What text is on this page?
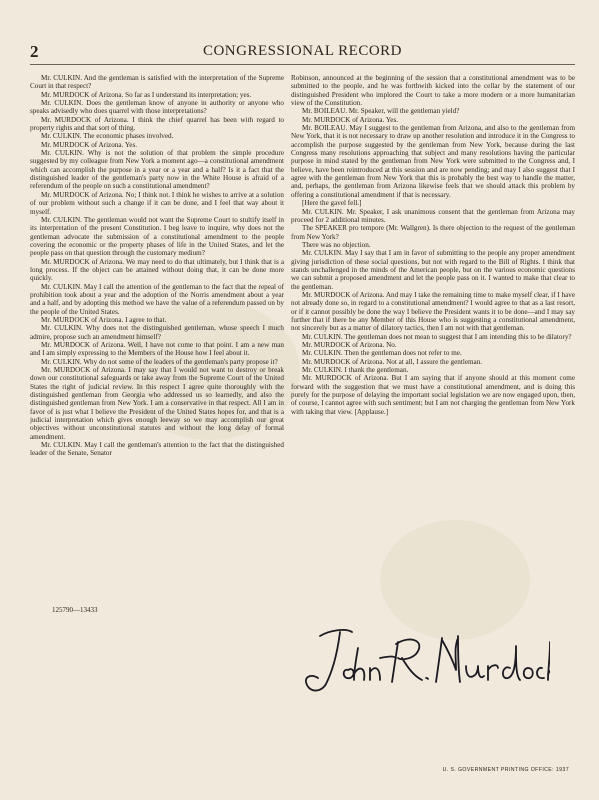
2	CONGRESSIONAL RECORD

Mr. CULKIN. And the gentleman is satisfied with the interpretation of the Supreme Court in that respect?

Mr. MURDOCK of Arizona. So far as I understand its interpretation; yes.

Mr. CULKIN. Does the gentleman know of anyone in authority or anyone who speaks advisedly who does quarrel with those interpretations?

Mr. MURDOCK of Arizona. I think the chief quarrel has been with regard to property rights and that sort of thing.

Mr. CULKIN. The economic phases involved.

Mr. MURDOCK of Arizona. Yes.

Mr. CULKIN. Why is not the solution of that problem the simple procedure suggested by my colleague from New York a moment ago—a constitutional amendment which can accomplish the purpose in a year or a year and a half? Is it a fact that the distinguished leader of the gentleman's party now in the White House is afraid of a referendum of the people on such a constitutional amendment?

Mr. MURDOCK of Arizona. No; I think not. I think he wishes to arrive at a solution of our problem without such a change if it can be done, and I feel that way about it myself.

Mr. CULKIN. The gentleman would not want the Supreme Court to stultify itself in its interpretation of the present Constitution. I beg leave to inquire, why does not the gentleman advocate the submission of a constitutional amendment to the people covering the economic or the property phases of life in the United States, and let the people pass on that question through the customary medium?

Mr. MURDOCK of Arizona. We may need to do that ultimately, but I think that is a long process. If the object can be attained without doing that, it can be done more quickly.

Mr. CULKIN. May I call the attention of the gentleman to the fact that the repeal of prohibition took about a year and the adoption of the Norris amendment about a year and a half, and by adopting this method we have the value of a referendum passed on by the people of the United States.

Mr. MURDOCK of Arizona. I agree to that.

Mr. CULKIN. Why does not the distinguished gentleman, whose speech I much admire, propose such an amendment himself?

Mr. MURDOCK of Arizona. Well, I have not come to that point. I am a new man and I am simply expressing to the Members of the House how I feel about it.

Mr. CULKIN. Why do not some of the leaders of the gentleman's party propose it?

Mr. MURDOCK of Arizona. I may say that I would not want to destroy or break down our constitutional safeguards or take away from the Supreme Court of the United States the right of judicial review. In this respect I agree quite thoroughly with the distinguished gentleman from Georgia who addressed us so learnedly, and also the distinguished gentleman from New York. I am a conservative in that respect. All I am in favor of is just what I believe the President of the United States hopes for, and that is a judicial interpretation which gives enough leeway so we may accomplish our great objectives without unconstitutional statutes and without the long delay of formal amendment.

Mr. CULKIN. May I call the gentleman's attention to the fact that the distinguished leader of the Senate, Senator

125790—13433

Robinson, announced at the beginning of the session that a constitutional amendment was to be submitted to the people, and he was forthwith kicked into the cellar by the statement of our distinguished President who implored the Court to take a more modern or a more humanitarian view of the Constitution.

Mr. BOILEAU. Mr. Speaker, will the gentleman yield?

Mr. MURDOCK of Arizona. Yes.

Mr. BOILEAU. May I suggest to the gentleman from Arizona, and also to the gentleman from New York, that it is not necessary to draw up another resolution and introduce it in the Congress to accomplish the purpose suggested by the gentleman from New York, because during the last Congress many resolutions approaching that subject and many resolutions having the particular purpose in mind stated by the gentleman from New York were submitted to the Congress and, I believe, have been reintroduced at this session and are now pending; and may I also suggest that I agree with the gentleman from New York that this is probably the best way to handle the matter, and, perhaps, the gentleman from Arizona likewise feels that we should attack this problem by offering a constitutional amendment if that is necessary.

[Here the gavel fell.]

Mr. CULKIN. Mr. Speaker, I ask unanimous consent that the gentleman from Arizona may proceed for 2 additional minutes.

The SPEAKER pro tempore (Mr. Wallgren). Is there objection to the request of the gentleman from New York?

There was no objection.

Mr. CULKIN. May I say that I am in favor of submitting to the people any proper amendment giving jurisdiction of these social questions, but not with regard to the Bill of Rights. I think that stands unchallenged in the minds of the American people, but on the various economic questions we can submit a proposed amendment and let the people pass on it. I wanted to make that clear to the gentleman.

Mr. MURDOCK of Arizona. And may I take the remaining time to make myself clear, if I have not already done so, in regard to a constitutional amendment? I would agree to that as a last resort, or if it cannot possibly be done the way I believe the President wants it to be done—and I may say further that if there be any Member of this House who is suggesting a constitutional amendment, not sincerely but as a matter of dilatory tactics, then I am not with that gentleman.

Mr. CULKIN. The gentleman does not mean to suggest that I am intending this to be dilatory?

Mr. MURDOCK of Arizona. No.

Mr. CULKIN. Then the gentleman does not refer to me.

Mr. MURDOCK of Arizona. Not at all, I assure the gentleman.

Mr. CULKIN. I thank the gentleman.

Mr. MURDOCK of Arizona. But I am saying that if anyone should at this moment come forward with the suggestion that we must have a constitutional amendment, and is doing this purely for the purpose of delaying the important social legislation we are now engaged upon, then, of course, I cannot agree with such sentiment; but I am not charging the gentleman from New York with taking that view. [Applause.]

U. S. GOVERNMENT PRINTING OFFICE: 1937
